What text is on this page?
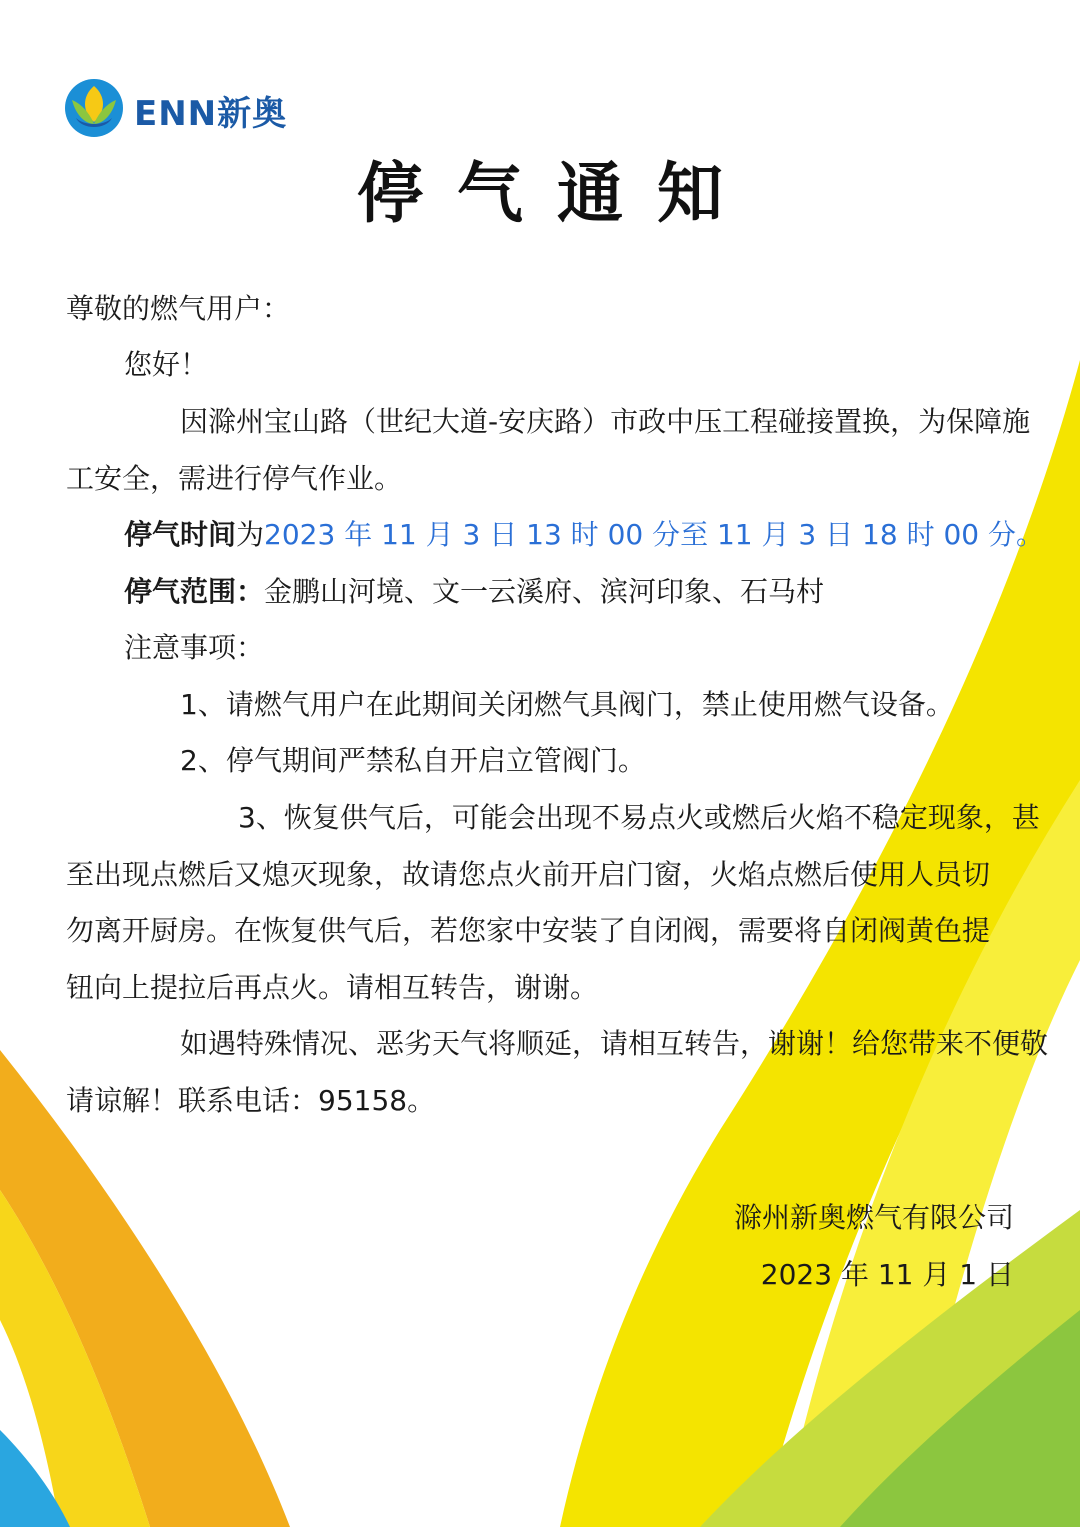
ENN新奥
停气通知
尊敬的燃气用户：
您好！
因滁州宝山路（世纪大道-安庆路）市政中压工程碰接置换，为保障施
工安全，需进行停气作业。
停气时间为2023 年 11 月 3 日 13 时 00 分至 11 月 3 日 18 时 00 分。
停气范围：金鹏山河境、文一云溪府、滨河印象、石马村
注意事项：
1、请燃气用户在此期间关闭燃气具阀门，禁止使用燃气设备。
2、停气期间严禁私自开启立管阀门。
3、恢复供气后，可能会出现不易点火或燃后火焰不稳定现象，甚
至出现点燃后又熄灭现象，故请您点火前开启门窗，火焰点燃后使用人员切
勿离开厨房。在恢复供气后，若您家中安装了自闭阀，需要将自闭阀黄色提
钮向上提拉后再点火。请相互转告，谢谢。
如遇特殊情况、恶劣天气将顺延，请相互转告，谢谢！给您带来不便敬
请谅解！联系电话：95158。
滁州新奥燃气有限公司
2023 年 11 月 1 日
